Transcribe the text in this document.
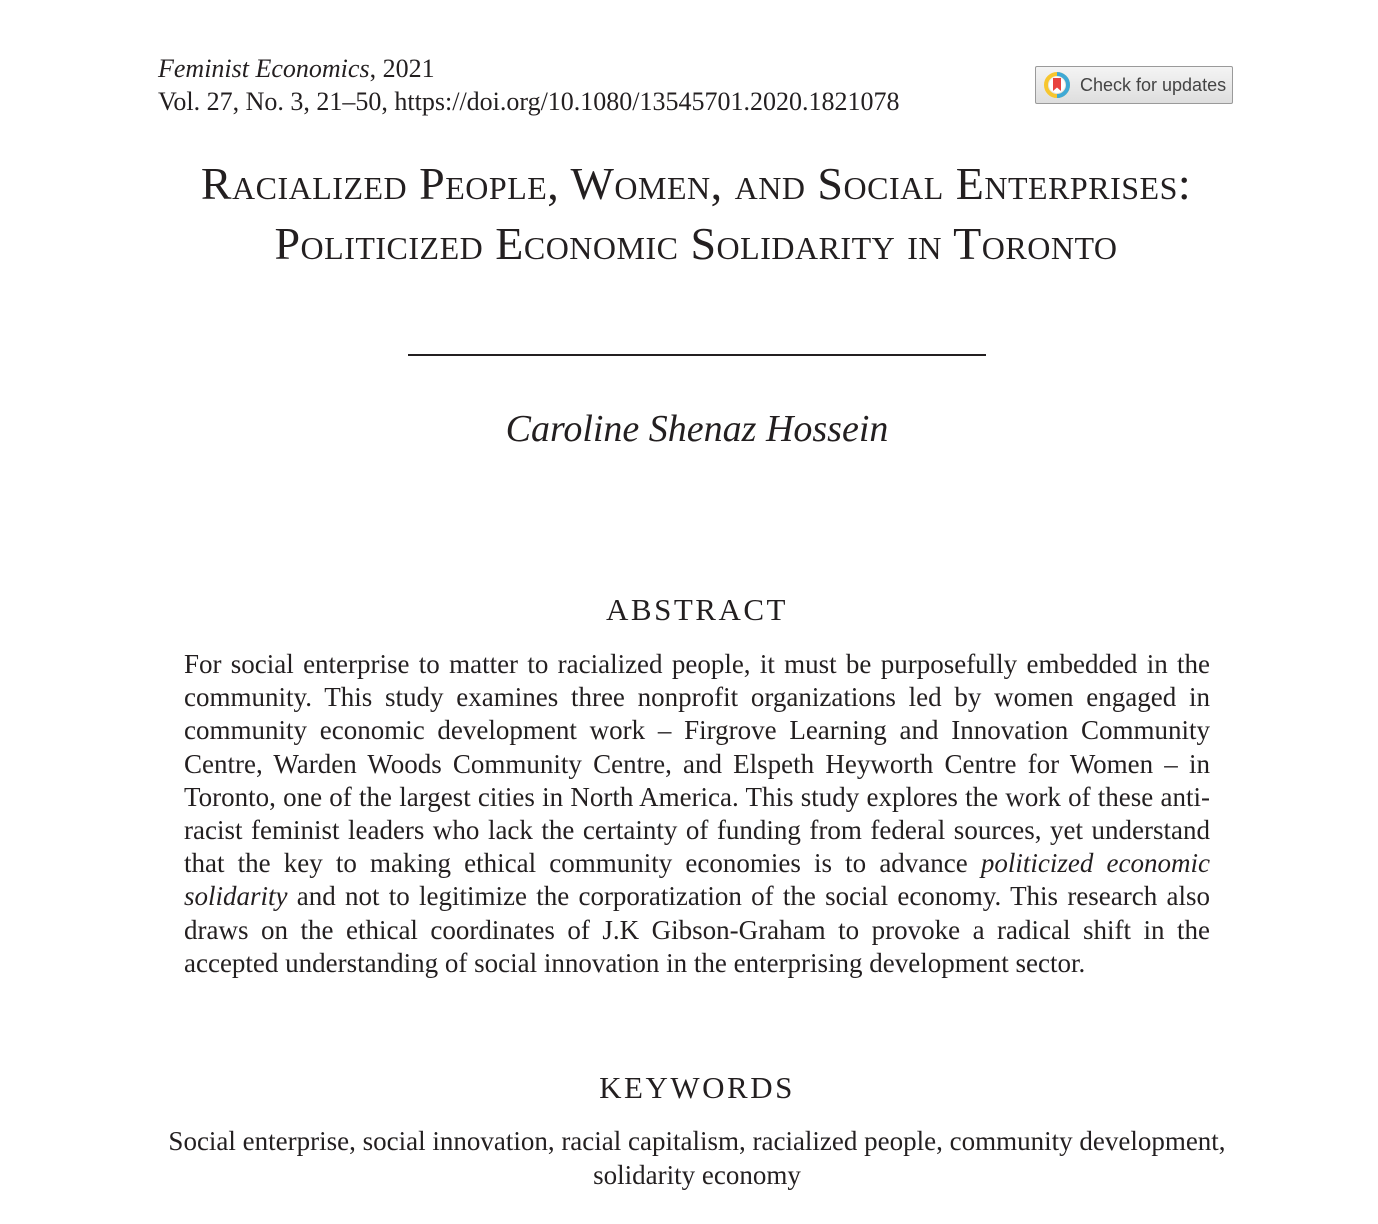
Feminist Economics, 2021
Vol. 27, No. 3, 21–50, https://doi.org/10.1080/13545701.2020.1821078
Check for updates
Racialized People, Women, and Social Enterprises: Politicized Economic Solidarity in Toronto
Caroline Shenaz Hossein
ABSTRACT

For social enterprise to matter to racialized people, it must be purposefully embedded in the community. This study examines three nonprofit organizations led by women engaged in community economic development work – Firgrove Learning and Innovation Community Centre, Warden Woods Community Centre, and Elspeth Heyworth Centre for Women – in Toronto, one of the largest cities in North America. This study explores the work of these anti-racist feminist leaders who lack the certainty of funding from federal sources, yet understand that the key to making ethical community economies is to advance politicized economic solidarity and not to legitimize the corporatization of the social economy. This research also draws on the ethical coordinates of J.K Gibson-Graham to provoke a radical shift in the accepted understanding of social innovation in the enterprising development sector.

KEYWORDS

Social enterprise, social innovation, racial capitalism, racialized people, community development, solidarity economy
